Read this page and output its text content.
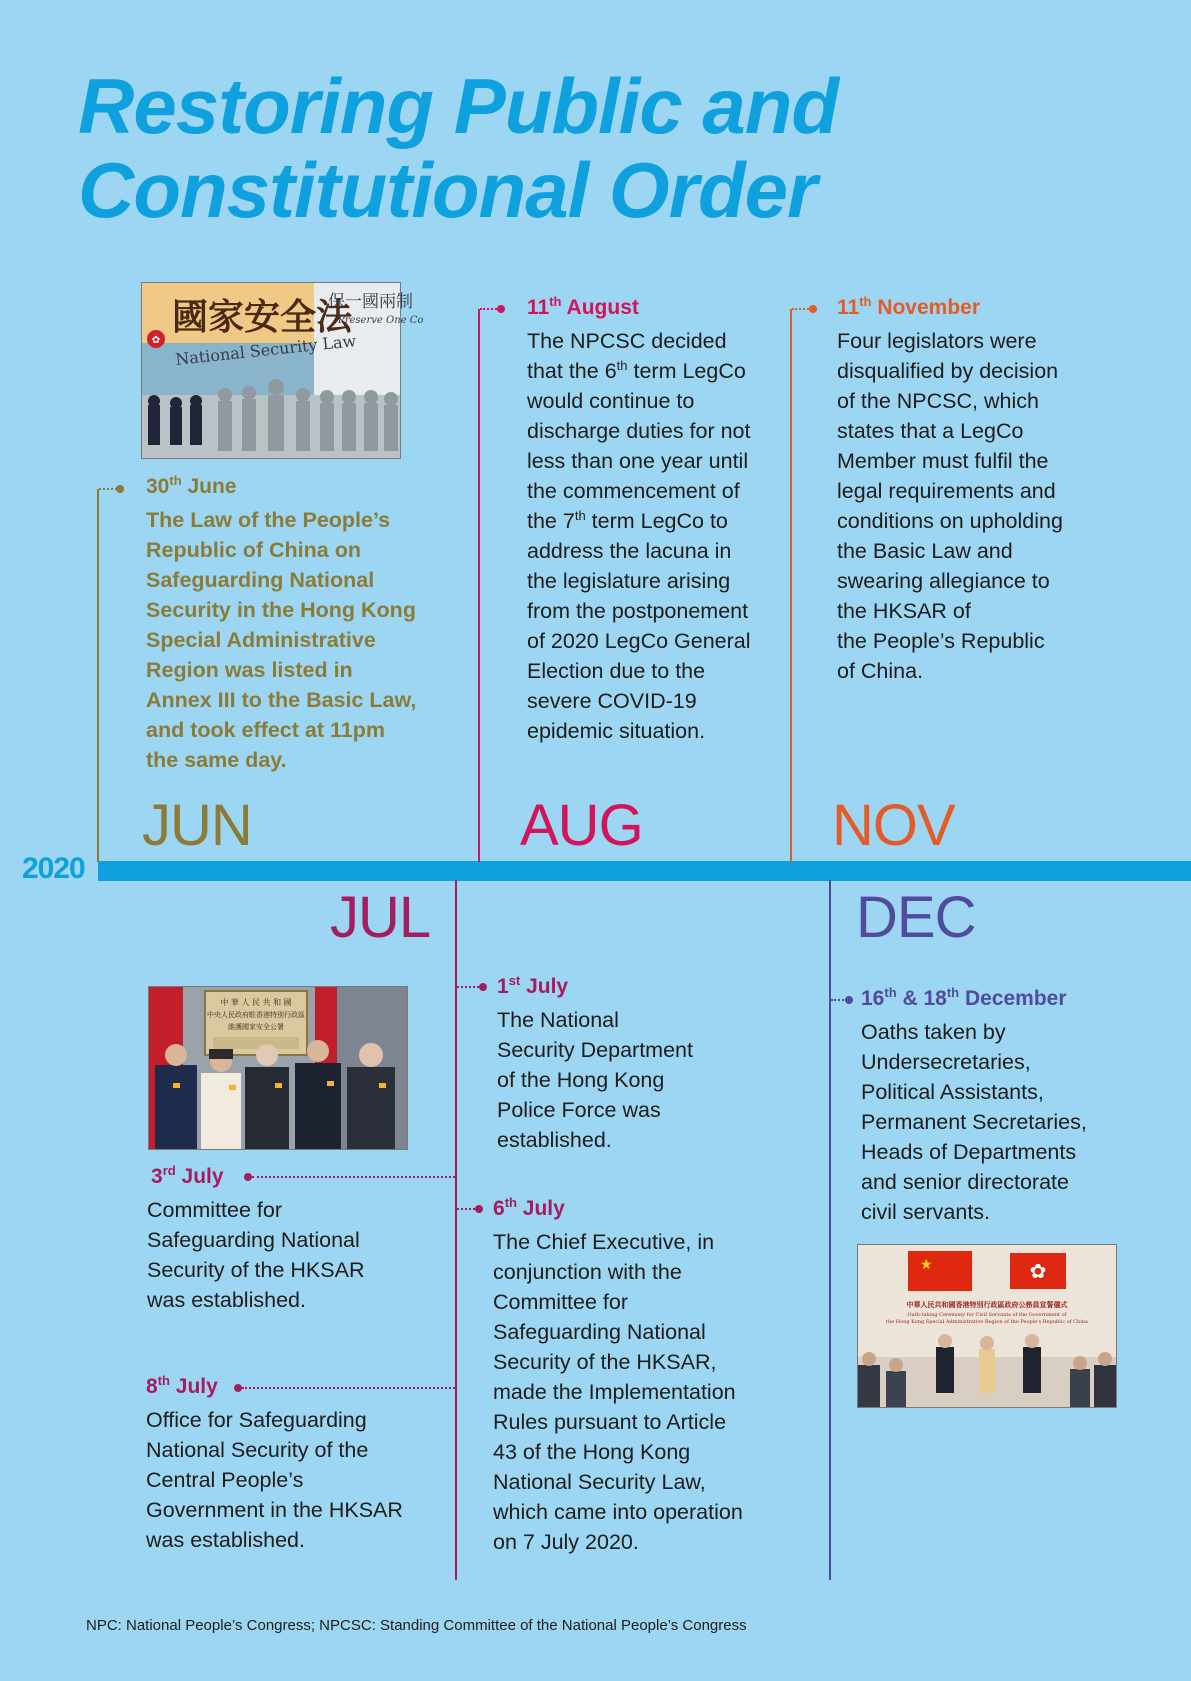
Restoring Public and
Constitutional Order
2020
JUN	AUG	NOV
JUL	DEC
30th June
The Law of the People’s
Republic of China on
Safeguarding National
Security in the Hong Kong
Special Administrative
Region was listed in
Annex III to the Basic Law,
and took effect at 11pm
the same day.
11th August
The NPCSC decided
that the 6th term LegCo
would continue to
discharge duties for not
less than one year until
the commencement of
the 7th term LegCo to
address the lacuna in
the legislature arising
from the postponement
of 2020 LegCo General
Election due to the
severe COVID-19
epidemic situation.
11th November
Four legislators were
disqualified by decision
of the NPCSC, which
states that a LegCo
Member must fulfil the
legal requirements and
conditions on upholding
the Basic Law and
swearing allegiance to
the HKSAR of
the People’s Republic
of China.
1st July
The National
Security Department
of the Hong Kong
Police Force was
established.
6th July
The Chief Executive, in
conjunction with the
Committee for
Safeguarding National
Security of the HKSAR,
made the Implementation
Rules pursuant to Article
43 of the Hong Kong
National Security Law,
which came into operation
on 7 July 2020.
3rd July
Committee for
Safeguarding National
Security of the HKSAR
was established.
8th July
Office for Safeguarding
National Security of the
Central People’s
Government in the HKSAR
was established.
16th & 18th December
Oaths taken by
Undersecretaries,
Political Assistants,
Permanent Secretaries,
Heads of Departments
and senior directorate
civil servants.
✿
國家安全法
National Security Law
保一國兩制
Preserve One Co
中 華 人 民 共 和 國
中央人民政府駐香港特別行政區
維護國家安全公署
★	✿
中華人民共和國香港特別行政區政府公務員宣誓儀式
Oath-taking Ceremony for Civil Servants of the Government of
the Hong Kong Special Administrative Region of the People's Republic of China
NPC: National People’s Congress; NPCSC: Standing Committee of the National People’s Congress
